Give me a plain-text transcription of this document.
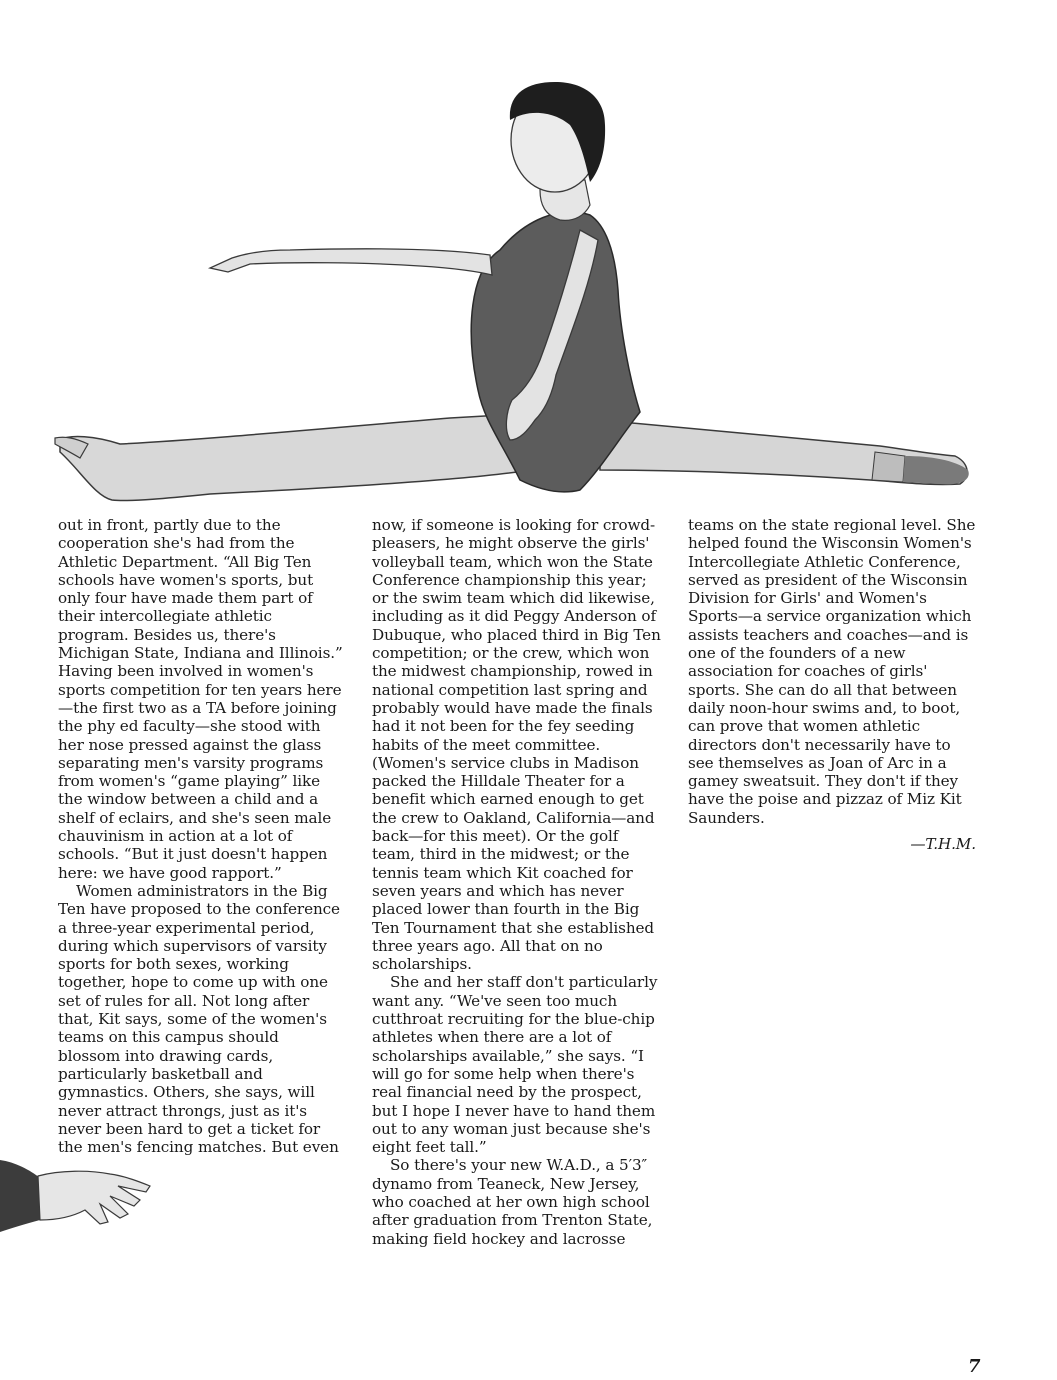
out in front, partly due to the cooperation she's had from the Athletic Department. “All Big Ten schools have women's sports, but only four have made them part of their intercollegiate athletic program. Besides us, there's Michigan State, Indiana and Illinois.” Having been involved in women's sports competition for ten years here—the first two as a TA before joining the phy ed faculty—she stood with her nose pressed against the glass separating men's varsity programs from women's “game playing” like the window between a child and a shelf of eclairs, and she's seen male chauvinism in action at a lot of schools. “But it just doesn't happen here: we have good rapport.”

Women administrators in the Big Ten have proposed to the conference a three-year experimental period, during which supervisors of varsity sports for both sexes, working together, hope to come up with one set of rules for all. Not long after that, Kit says, some of the women's teams on this campus should blossom into drawing cards, particularly basketball and gymnastics. Others, she says, will never attract throngs, just as it's never been hard to get a ticket for the men's fencing matches. But even

now, if someone is looking for crowd-pleasers, he might observe the girls' volleyball team, which won the State Conference championship this year; or the swim team which did likewise, including as it did Peggy Anderson of Dubuque, who placed third in Big Ten competition; or the crew, which won the midwest championship, rowed in national competition last spring and probably would have made the finals had it not been for the fey seeding habits of the meet committee. (Women's service clubs in Madison packed the Hilldale Theater for a benefit which earned enough to get the crew to Oakland, California—and back—for this meet). Or the golf team, third in the midwest; or the tennis team which Kit coached for seven years and which has never placed lower than fourth in the Big Ten Tournament that she established three years ago. All that on no scholarships.

She and her staff don't particularly want any. “We've seen too much cutthroat recruiting for the blue-chip athletes when there are a lot of scholarships available,” she says. “I will go for some help when there's real financial need by the prospect, but I hope I never have to hand them out to any woman just because she's eight feet tall.”

So there's your new W.A.D., a 5′3″ dynamo from Teaneck, New Jersey, who coached at her own high school after graduation from Trenton State, making field hockey and lacrosse

teams on the state regional level. She helped found the Wisconsin Women's Intercollegiate Athletic Conference, served as president of the Wisconsin Division for Girls' and Women's Sports—a service organization which assists teachers and coaches—and is one of the founders of a new association for coaches of girls' sports. She can do all that between daily noon-hour swims and, to boot, can prove that women athletic directors don't necessarily have to see themselves as Joan of Arc in a gamey sweatsuit. They don't if they have the poise and pizzaz of Miz Kit Saunders.

—T.H.M.

7
